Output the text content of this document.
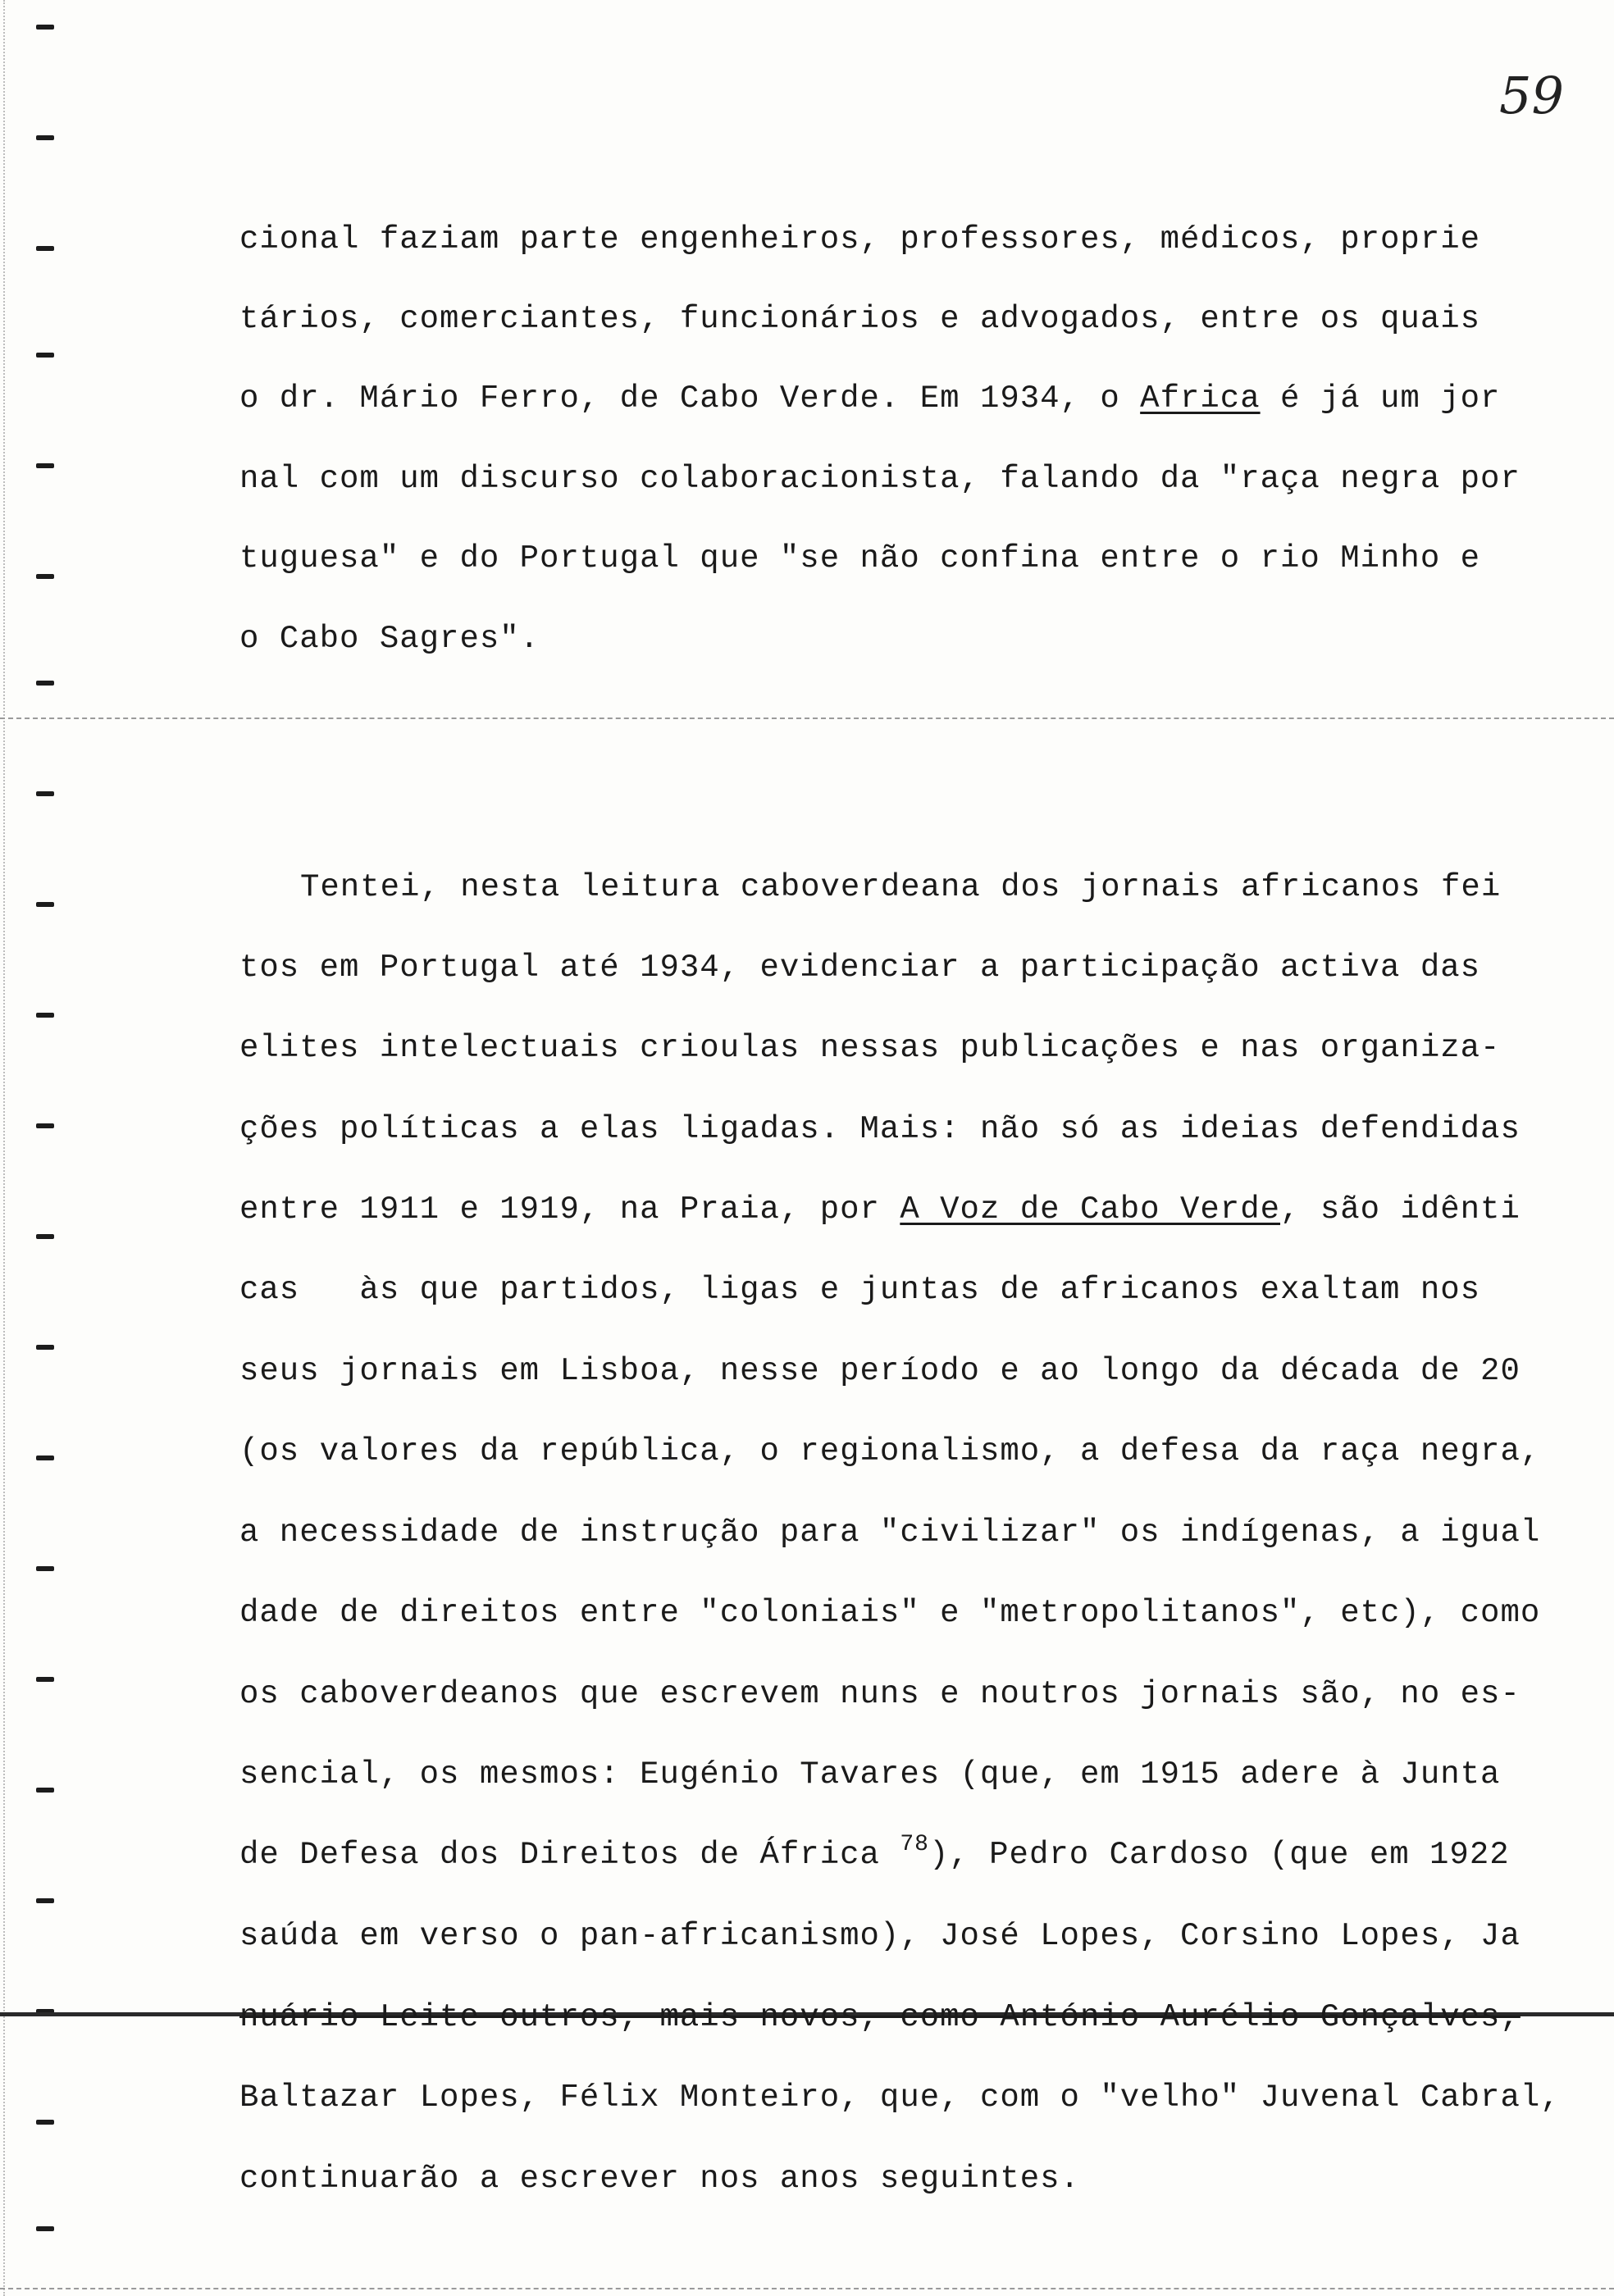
59
cional faziam parte engenheiros, professores, médicos, proprie
tários, comerciantes, funcionários e advogados, entre os quais
o dr. Mário Ferro, de Cabo Verde. Em 1934, o Africa é já um jor
nal com um discurso colaboracionista, falando da "raça negra por
tuguesa" e do Portugal que "se não confina entre o rio Minho e
o Cabo Sagres".
Tentei, nesta leitura caboverdeana dos jornais africanos fei
tos em Portugal até 1934, evidenciar a participação activa das
elites intelectuais crioulas nessas publicações e nas organiza-
ções políticas a elas ligadas. Mais: não só as ideias defendidas
entre 1911 e 1919, na Praia, por A Voz de Cabo Verde, são idênti
cas   às que partidos, ligas e juntas de africanos exaltam nos
seus jornais em Lisboa, nesse período e ao longo da década de 20
(os valores da república, o regionalismo, a defesa da raça negra,
a necessidade de instrução para "civilizar" os indígenas, a igual
dade de direitos entre "coloniais" e "metropolitanos", etc), como
os caboverdeanos que escrevem nuns e noutros jornais são, no es-
sencial, os mesmos: Eugénio Tavares (que, em 1915 adere à Junta
de Defesa dos Direitos de África $^{78}$), Pedro Cardoso (que em 1922
saúda em verso o pan-africanismo), José Lopes, Corsino Lopes, Ja
nuário Leite outros, mais novos, como António Aurélio Gonçalves,
Baltazar Lopes, Félix Monteiro, que, com o "velho" Juvenal Cabral,
continuarão a escrever nos anos seguintes.
